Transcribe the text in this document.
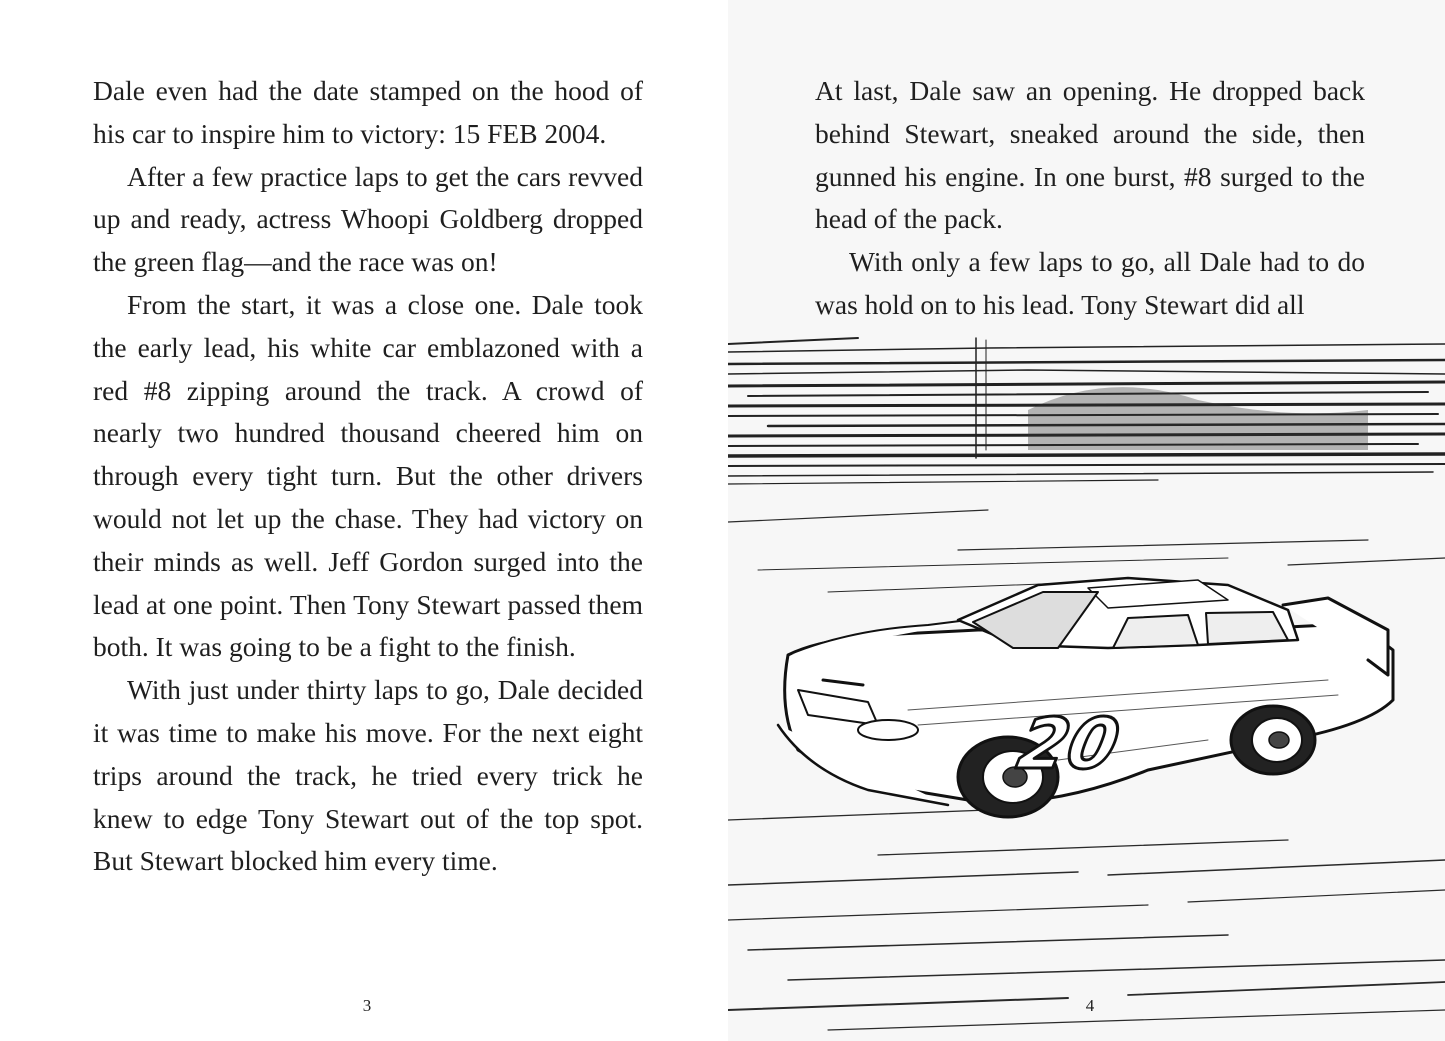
Dale even had the date stamped on the hood of his car to inspire him to victory: 15 FEB 2004.

After a few practice laps to get the cars revved up and ready, actress Whoopi Goldberg dropped the green flag—and the race was on!

From the start, it was a close one. Dale took the early lead, his white car emblazoned with a red #8 zipping around the track. A crowd of nearly two hundred thousand cheered him on through every tight turn. But the other drivers would not let up the chase. They had victory on their minds as well. Jeff Gordon surged into the lead at one point. Then Tony Stewart passed them both. It was going to be a fight to the finish.

With just under thirty laps to go, Dale decided it was time to make his move. For the next eight trips around the track, he tried every trick he knew to edge Tony Stewart out of the top spot. But Stewart blocked him every time.

3

At last, Dale saw an opening. He dropped back behind Stewart, sneaked around the side, then gunned his engine. In one burst, #8 surged to the head of the pack.

With only a few laps to go, all Dale had to do was hold on to his lead. Tony Stewart did all

20
4
